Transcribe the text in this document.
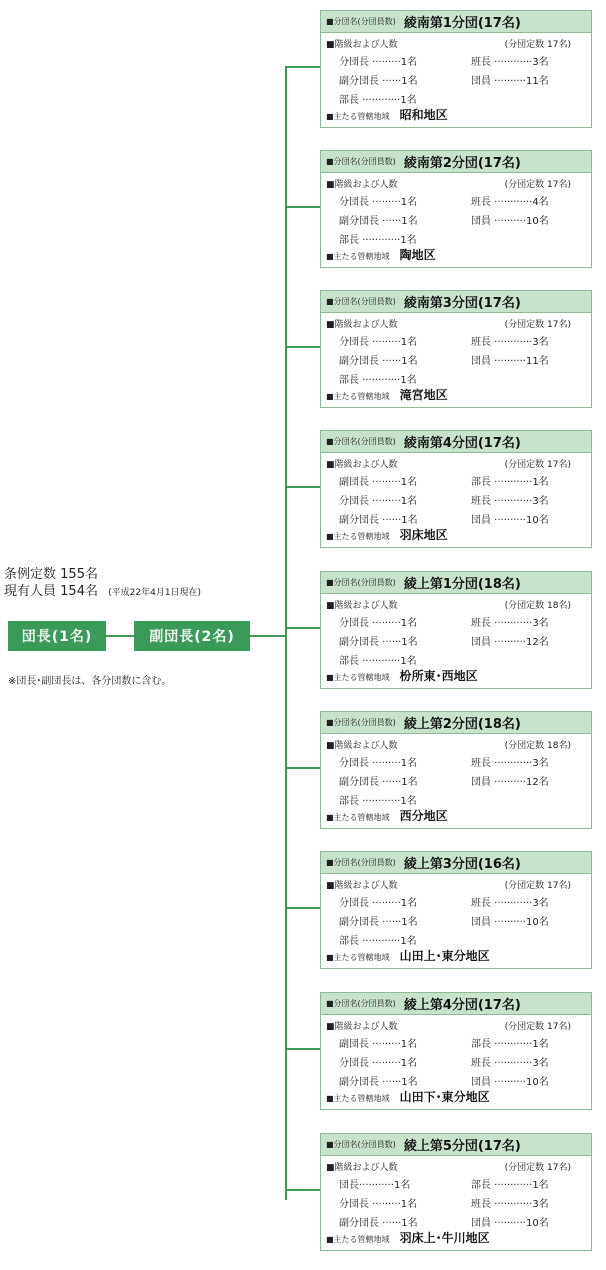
条例定数 155名
現有人員 154名 (平成22年4月1日現在)
団長(1名)	副団長(2名)
※団長･副団長は、各分団数に含む。
■分団名(分団員数) 綾南第1分団(17名)
■階級および人数	(分団定数 17名)
分団長 ·········1名
副分団長 ······1名
部長 ············1名
班長 ············3名
団員 ··········11名
■主たる管轄地域 昭和地区
■分団名(分団員数) 綾南第2分団(17名)
■階級および人数	(分団定数 17名)
分団長 ·········1名
副分団長 ······1名
部長 ············1名
班長 ············4名
団員 ··········10名
■主たる管轄地域 陶地区
■分団名(分団員数) 綾南第3分団(17名)
■階級および人数	(分団定数 17名)
分団長 ·········1名
副分団長 ······1名
部長 ············1名
班長 ············3名
団員 ··········11名
■主たる管轄地域 滝宮地区
■分団名(分団員数) 綾南第4分団(17名)
■階級および人数	(分団定数 17名)
副団長 ·········1名
分団長 ·········1名
副分団長 ······1名
部長 ············1名
班長 ············3名
団員 ··········10名
■主たる管轄地域 羽床地区
■分団名(分団員数) 綾上第1分団(18名)
■階級および人数	(分団定数 18名)
分団長 ·········1名
副分団長 ······1名
部長 ············1名
班長 ············3名
団員 ··········12名
■主たる管轄地域 枌所東･西地区
■分団名(分団員数) 綾上第2分団(18名)
■階級および人数	(分団定数 18名)
分団長 ·········1名
副分団長 ······1名
部長 ············1名
班長 ············3名
団員 ··········12名
■主たる管轄地域 西分地区
■分団名(分団員数) 綾上第3分団(16名)
■階級および人数	(分団定数 17名)
分団長 ·········1名
副分団長 ······1名
部長 ············1名
班長 ············3名
団員 ··········10名
■主たる管轄地域 山田上･東分地区
■分団名(分団員数) 綾上第4分団(17名)
■階級および人数	(分団定数 17名)
副団長 ·········1名
分団長 ·········1名
副分団長 ······1名
部長 ············1名
班長 ············3名
団員 ··········10名
■主たる管轄地域 山田下･東分地区
■分団名(分団員数) 綾上第5分団(17名)
■階級および人数	(分団定数 17名)
団長···········1名
分団長 ·········1名
副分団長 ······1名
部長 ············1名
班長 ············3名
団員 ··········10名
■主たる管轄地域 羽床上･牛川地区
